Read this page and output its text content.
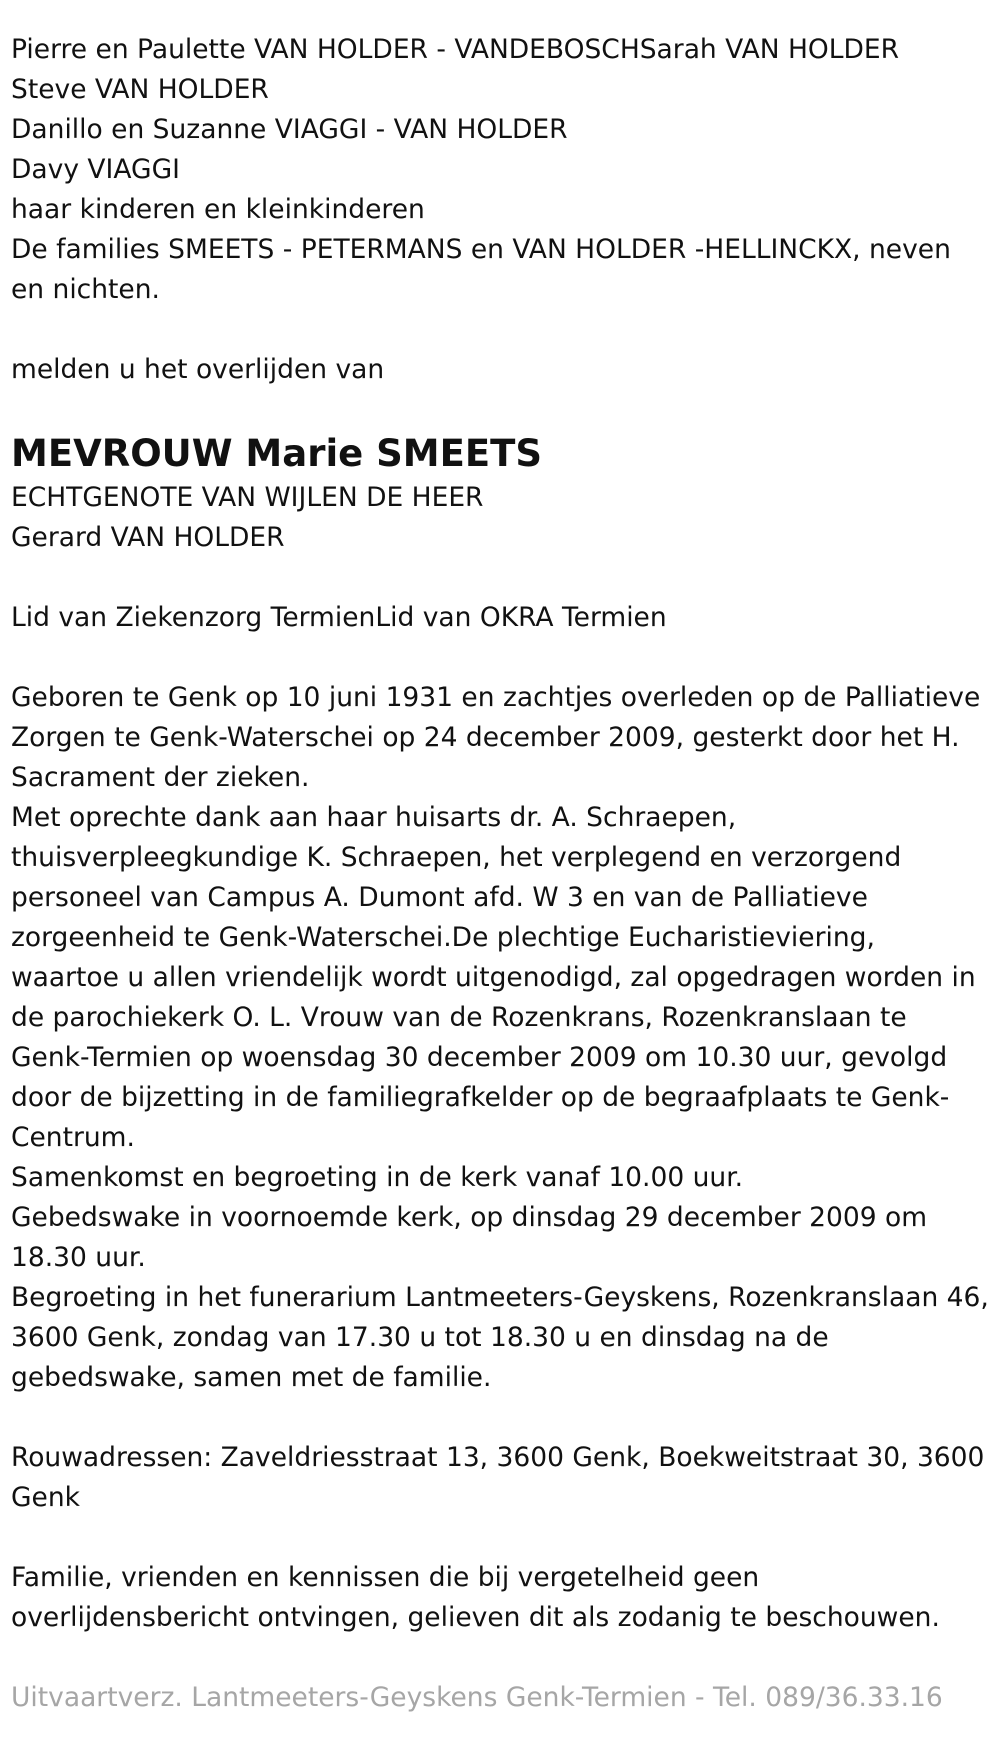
Pierre en Paulette VAN HOLDER - VANDEBOSCHSarah VAN HOLDER
Steve VAN HOLDER
Danillo en Suzanne VIAGGI - VAN HOLDER
Davy VIAGGI
haar kinderen en kleinkinderen
De families SMEETS - PETERMANS en VAN HOLDER -HELLINCKX, neven en nichten.
melden u het overlijden van
MEVROUW Marie SMEETS
ECHTGENOTE VAN WIJLEN DE HEER
Gerard VAN HOLDER
Lid van Ziekenzorg TermienLid van OKRA Termien
Geboren te Genk op 10 juni 1931 en zachtjes overleden op de Palliatieve Zorgen te Genk-Waterschei op 24 december 2009, gesterkt door het H. Sacrament der zieken.
Met oprechte dank aan haar huisarts dr. A. Schraepen, thuisverpleegkundige K. Schraepen, het verplegend en verzorgend personeel van Campus A. Dumont afd. W 3 en van de Palliatieve zorgeenheid te Genk-Waterschei.De plechtige Eucharistieviering, waartoe u allen vriendelijk wordt uitgenodigd, zal opgedragen worden in de parochiekerk O. L. Vrouw van de Rozenkrans, Rozenkranslaan te Genk-Termien op woensdag 30 december 2009 om 10.30 uur, gevolgd door de bijzetting in de familiegrafkelder op de begraafplaats te Genk-Centrum.
Samenkomst en begroeting in de kerk vanaf 10.00 uur.
Gebedswake in voornoemde kerk, op dinsdag 29 december 2009 om 18.30 uur.
Begroeting in het funerarium Lantmeeters-Geyskens, Rozenkranslaan 46, 3600 Genk, zondag van 17.30 u tot 18.30 u en dinsdag na de gebedswake, samen met de familie.
Rouwadressen: Zaveldriesstraat 13, 3600 Genk, Boekweitstraat 30, 3600 Genk
Familie, vrienden en kennissen die bij vergetelheid geen overlijdensbericht ontvingen, gelieven dit als zodanig te beschouwen.
Uitvaartverz. Lantmeeters-Geyskens Genk-Termien - Tel. 089/36.33.16
